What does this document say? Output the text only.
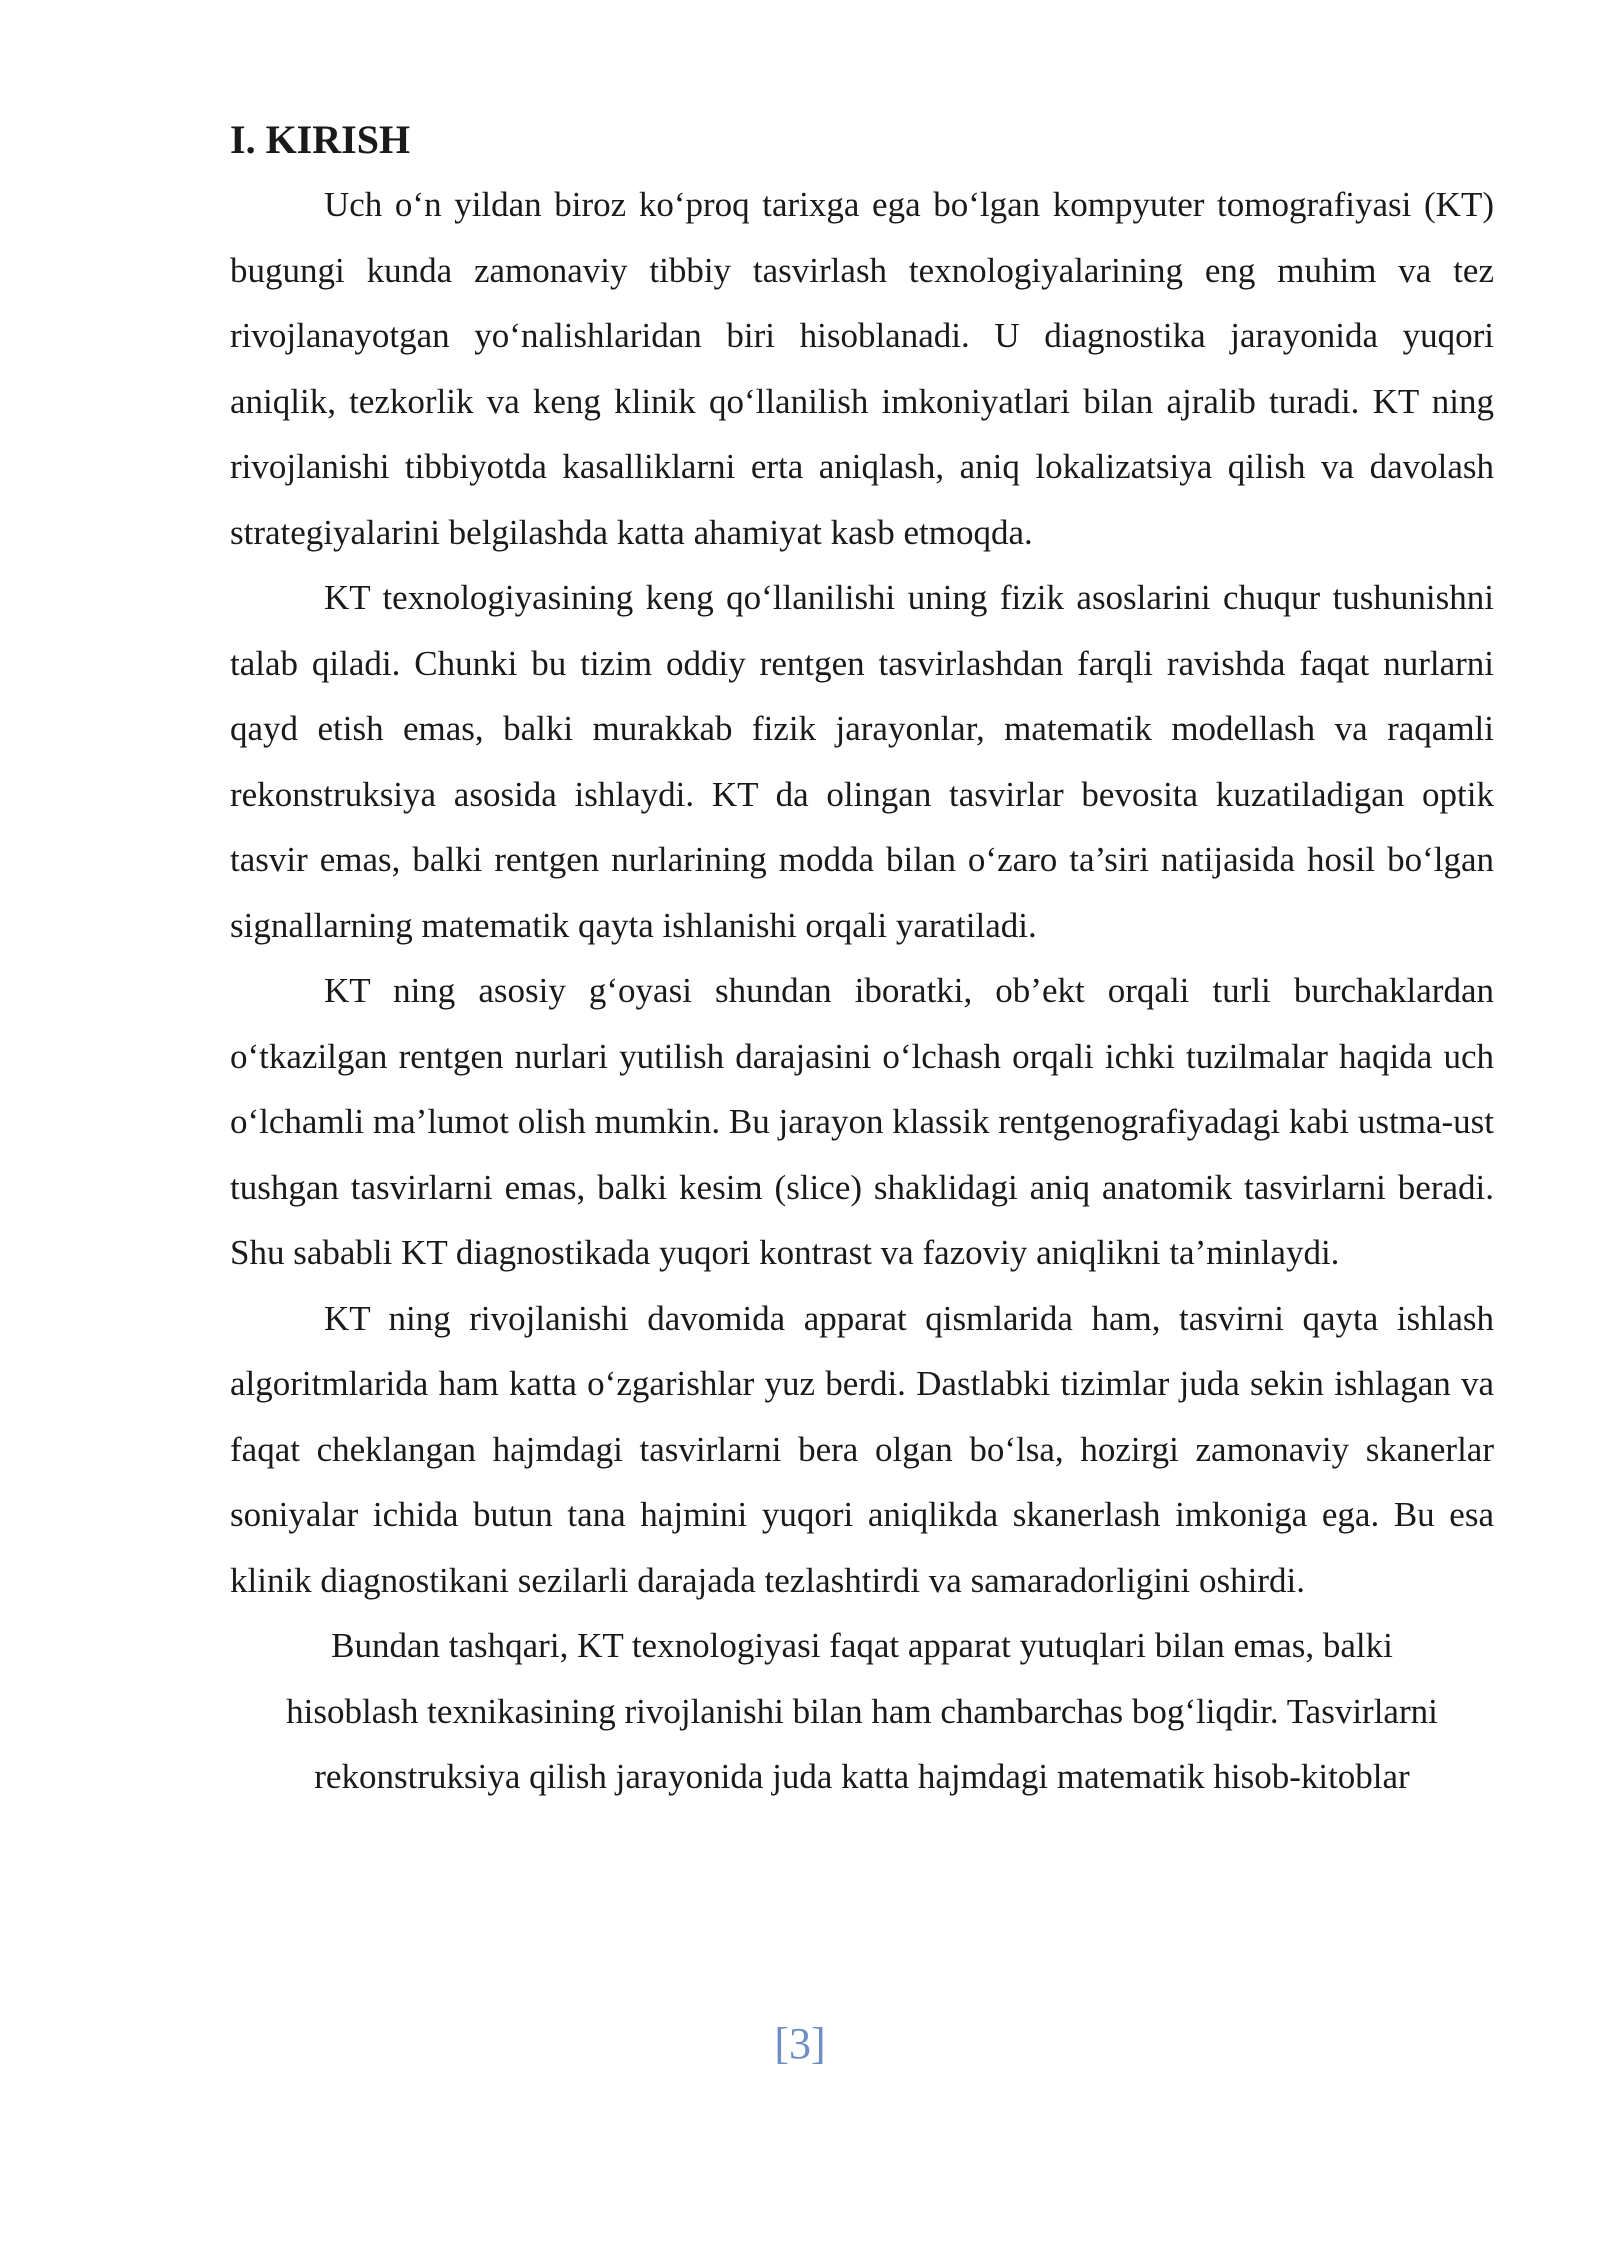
I. KIRISH

Uch o‘n yildan biroz ko‘proq tarixga ega bo‘lgan kompyuter tomografiyasi (KT) bugungi kunda zamonaviy tibbiy tasvirlash texnologiyalarining eng muhim va tez rivojlanayotgan yo‘nalishlaridan biri hisoblanadi. U diagnostika jarayonida yuqori aniqlik, tezkorlik va keng klinik qo‘llanilish imkoniyatlari bilan ajralib turadi. KT ning rivojlanishi tibbiyotda kasalliklarni erta aniqlash, aniq lokalizatsiya qilish va davolash strategiyalarini belgilashda katta ahamiyat kasb etmoqda.

KT texnologiyasining keng qo‘llanilishi uning fizik asoslarini chuqur tushunishni talab qiladi. Chunki bu tizim oddiy rentgen tasvirlashdan farqli ravishda faqat nurlarni qayd etish emas, balki murakkab fizik jarayonlar, matematik modellash va raqamli rekonstruksiya asosida ishlaydi. KT da olingan tasvirlar bevosita kuzatiladigan optik tasvir emas, balki rentgen nurlarining modda bilan o‘zaro ta’siri natijasida hosil bo‘lgan signallarning matematik qayta ishlanishi orqali yaratiladi.

KT ning asosiy g‘oyasi shundan iboratki, ob’ekt orqali turli burchaklardan o‘tkazilgan rentgen nurlari yutilish darajasini o‘lchash orqali ichki tuzilmalar haqida uch o‘lchamli ma’lumot olish mumkin. Bu jarayon klassik rentgenografiyadagi kabi ustma-ust tushgan tasvirlarni emas, balki kesim (slice) shaklidagi aniq anatomik tasvirlarni beradi. Shu sababli KT diagnostikada yuqori kontrast va fazoviy aniqlikni ta’minlaydi.

KT ning rivojlanishi davomida apparat qismlarida ham, tasvirni qayta ishlash algoritmlarida ham katta o‘zgarishlar yuz berdi. Dastlabki tizimlar juda sekin ishlagan va faqat cheklangan hajmdagi tasvirlarni bera olgan bo‘lsa, hozirgi zamonaviy skanerlar soniyalar ichida butun tana hajmini yuqori aniqlikda skanerlash imkoniga ega. Bu esa klinik diagnostikani sezilarli darajada tezlashtirdi va samaradorligini oshirdi.

Bundan tashqari, KT texnologiyasi faqat apparat yutuqlari bilan emas, balki

hisoblash texnikasining rivojlanishi bilan ham chambarchas bog‘liqdir. Tasvirlarni

rekonstruksiya qilish jarayonida juda katta hajmdagi matematik hisob-kitoblar

[3]
